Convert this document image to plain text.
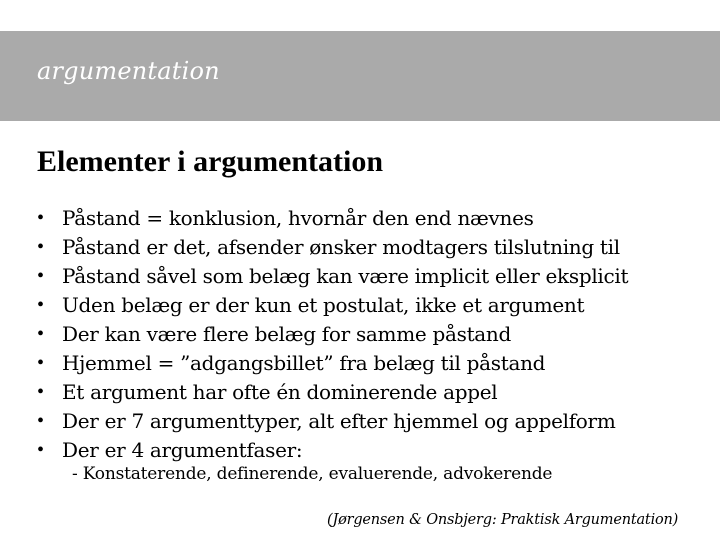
argumentation
Elementer i argumentation
• Påstand = konklusion, hvornår den end nævnes
• Påstand er det, afsender ønsker modtagers tilslutning til
• Påstand såvel som belæg kan være implicit eller eksplicit
• Uden belæg er der kun et postulat, ikke et argument
• Der kan være flere belæg for samme påstand
• Hjemmel = ”adgangsbillet” fra belæg til påstand
• Et argument har ofte én dominerende appel
• Der er 7 argumenttyper, alt efter hjemmel og appelform
• Der er 4 argumentfaser:
- Konstaterende, definerende, evaluerende, advokerende
(Jørgensen & Onsbjerg: Praktisk Argumentation)
